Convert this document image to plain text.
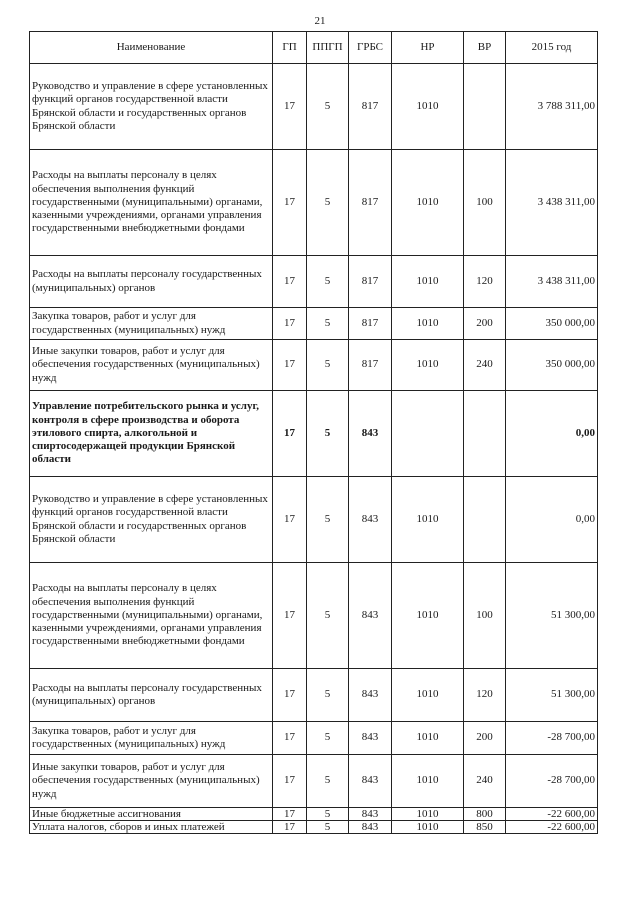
21
Наименование	ГП	ППГП	ГРБС	НР	ВР	2015 год
Руководство и управление в сфере установленных функций органов государственной власти Брянской области и государственных органов Брянской области	17	5	817	1010		3 788 311,00
Расходы на выплаты персоналу в целях обеспечения выполнения функций государственными (муниципальными) органами, казенными учреждениями, органами управления государственными внебюджетными фондами	17	5	817	1010	100	3 438 311,00
Расходы на выплаты персоналу государственных (муниципальных) органов	17	5	817	1010	120	3 438 311,00
Закупка товаров, работ и услуг для государственных (муниципальных) нужд	17	5	817	1010	200	350 000,00
Иные закупки товаров, работ и услуг для обеспечения государственных (муниципальных) нужд	17	5	817	1010	240	350 000,00
Управление потребительского рынка и услуг, контроля в сфере производства и оборота этилового спирта, алкогольной и спиртосодержащей продукции Брянской области	17	5	843			0,00
Руководство и управление в сфере установленных функций органов государственной власти Брянской области и государственных органов Брянской области	17	5	843	1010		0,00
Расходы на выплаты персоналу в целях обеспечения выполнения функций государственными (муниципальными) органами, казенными учреждениями, органами управления государственными внебюджетными фондами	17	5	843	1010	100	51 300,00
Расходы на выплаты персоналу государственных (муниципальных) органов	17	5	843	1010	120	51 300,00
Закупка товаров, работ и услуг для государственных (муниципальных) нужд	17	5	843	1010	200	-28 700,00
Иные закупки товаров, работ и услуг для обеспечения государственных (муниципальных) нужд	17	5	843	1010	240	-28 700,00
Иные бюджетные ассигнования	17	5	843	1010	800	-22 600,00
Уплата налогов, сборов и иных платежей	17	5	843	1010	850	-22 600,00
